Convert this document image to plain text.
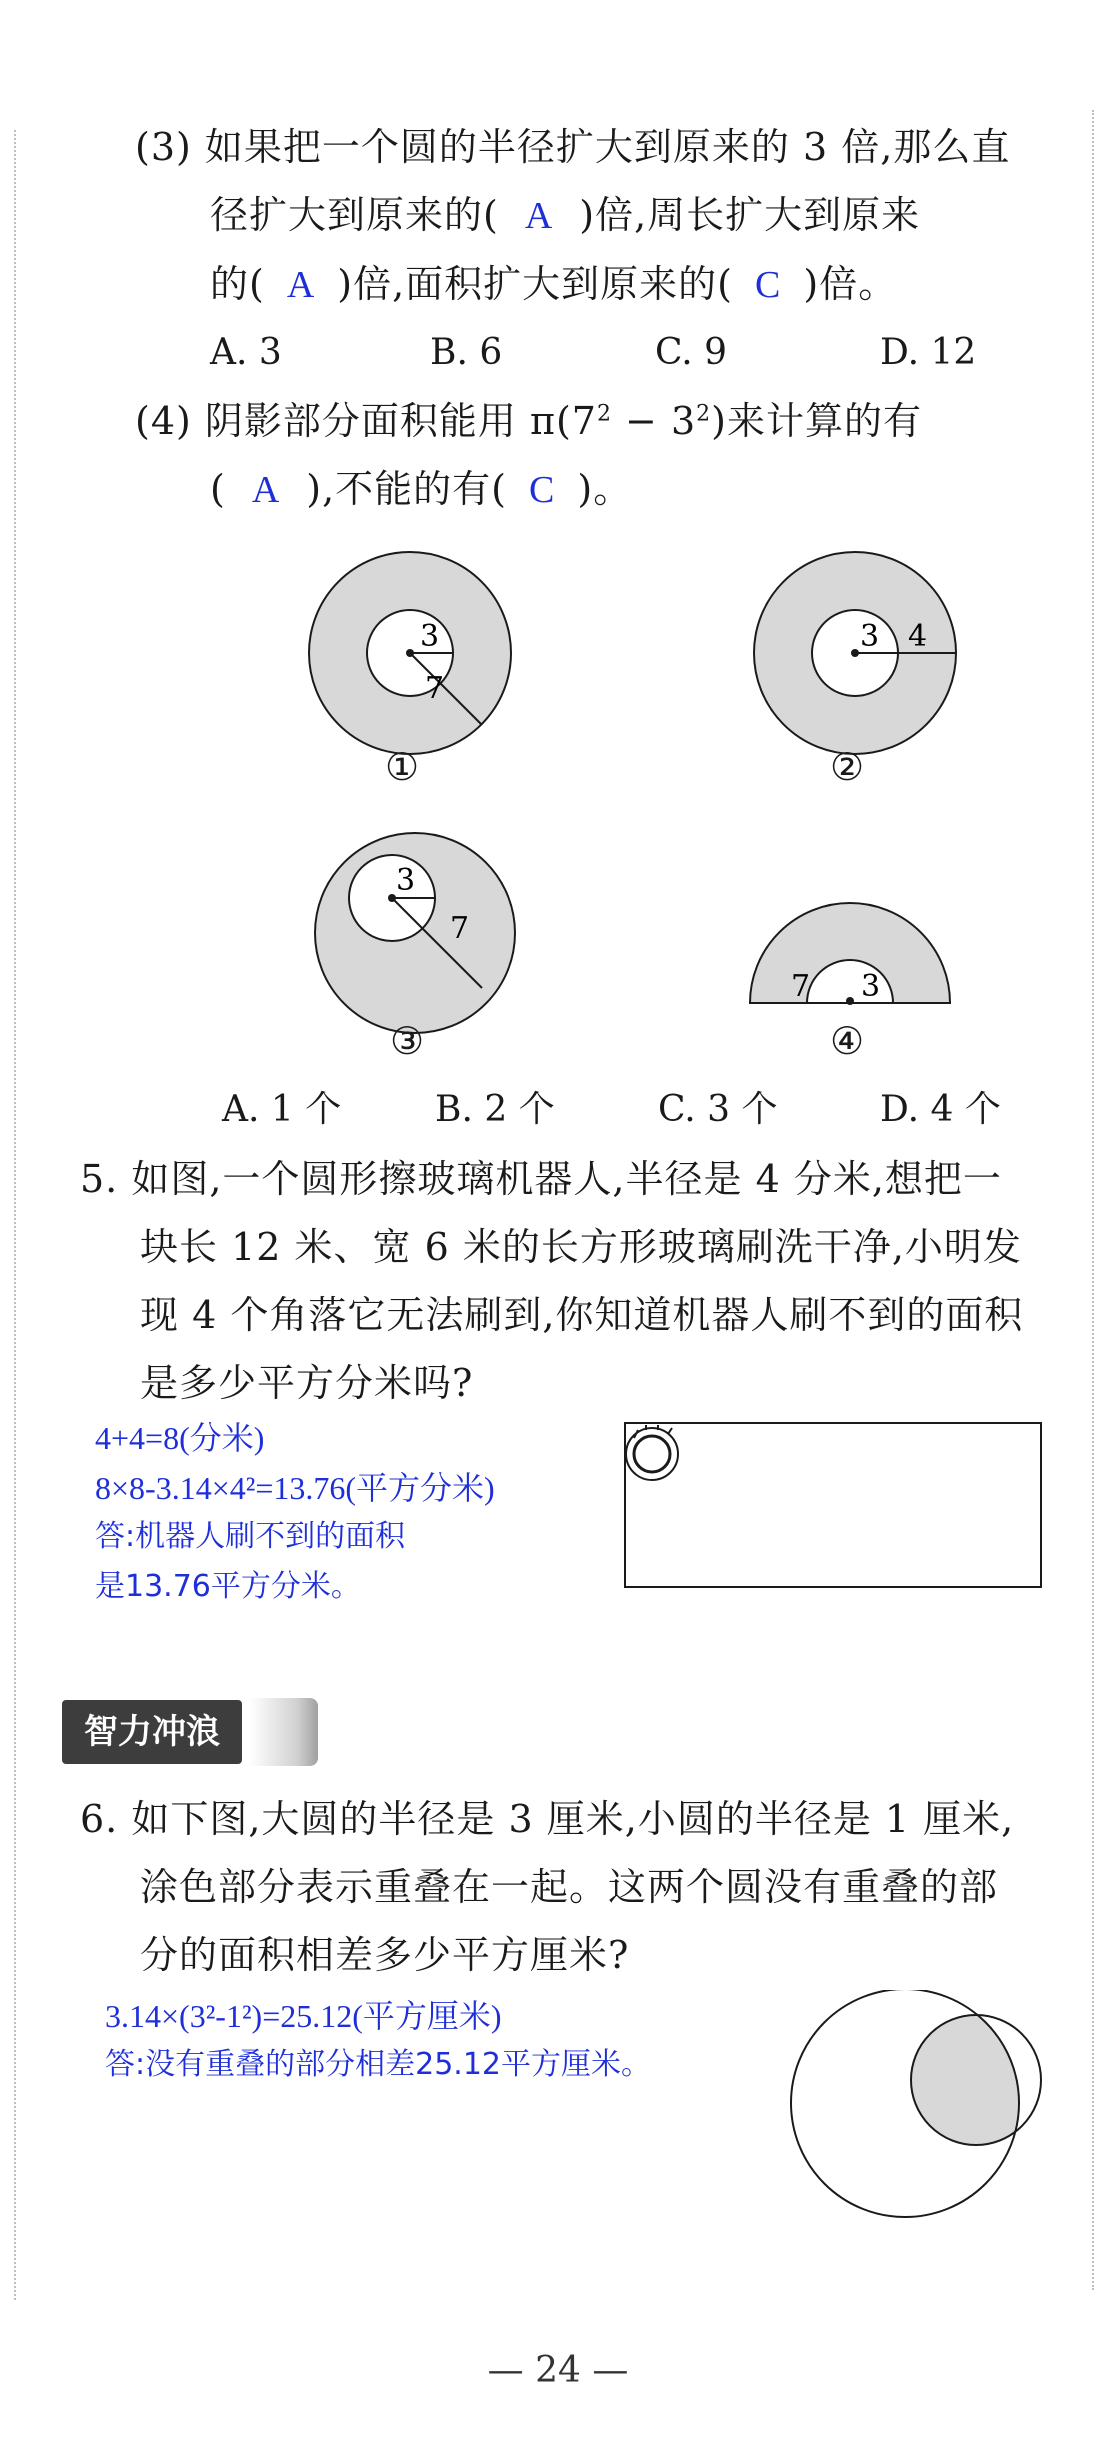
(3) 如果把一个圆的半径扩大到原来的 3 倍,那么直
径扩大到原来的( A )倍,周长扩大到原来
的( A )倍,面积扩大到原来的( C )倍。
A. 3	B. 6	C. 9	D. 12
(4) 阴影部分面积能用 $\pi(7^2 - 3^2)$来计算的有
( A ),不能的有( C )。
3
7
①
3 4
②
3
7
③
7 3
④
A. 1 个	B. 2 个	C. 3 个	D. 4 个
5. 如图,一个圆形擦玻璃机器人,半径是 4 分米,想把一
块长 12 米、宽 6 米的长方形玻璃刷洗干净,小明发
现 4 个角落它无法刷到,你知道机器人刷不到的面积
是多少平方分米吗?
4+4=8(分米)
8×8-3.14×4²=13.76(平方分米)
答:机器人刷不到的面积
是13.76平方分米。
智力冲浪
6. 如下图,大圆的半径是 3 厘米,小圆的半径是 1 厘米,
涂色部分表示重叠在一起。这两个圆没有重叠的部
分的面积相差多少平方厘米?
3.14×(3²-1²)=25.12(平方厘米)
答:没有重叠的部分相差25.12平方厘米。
— 24 —
